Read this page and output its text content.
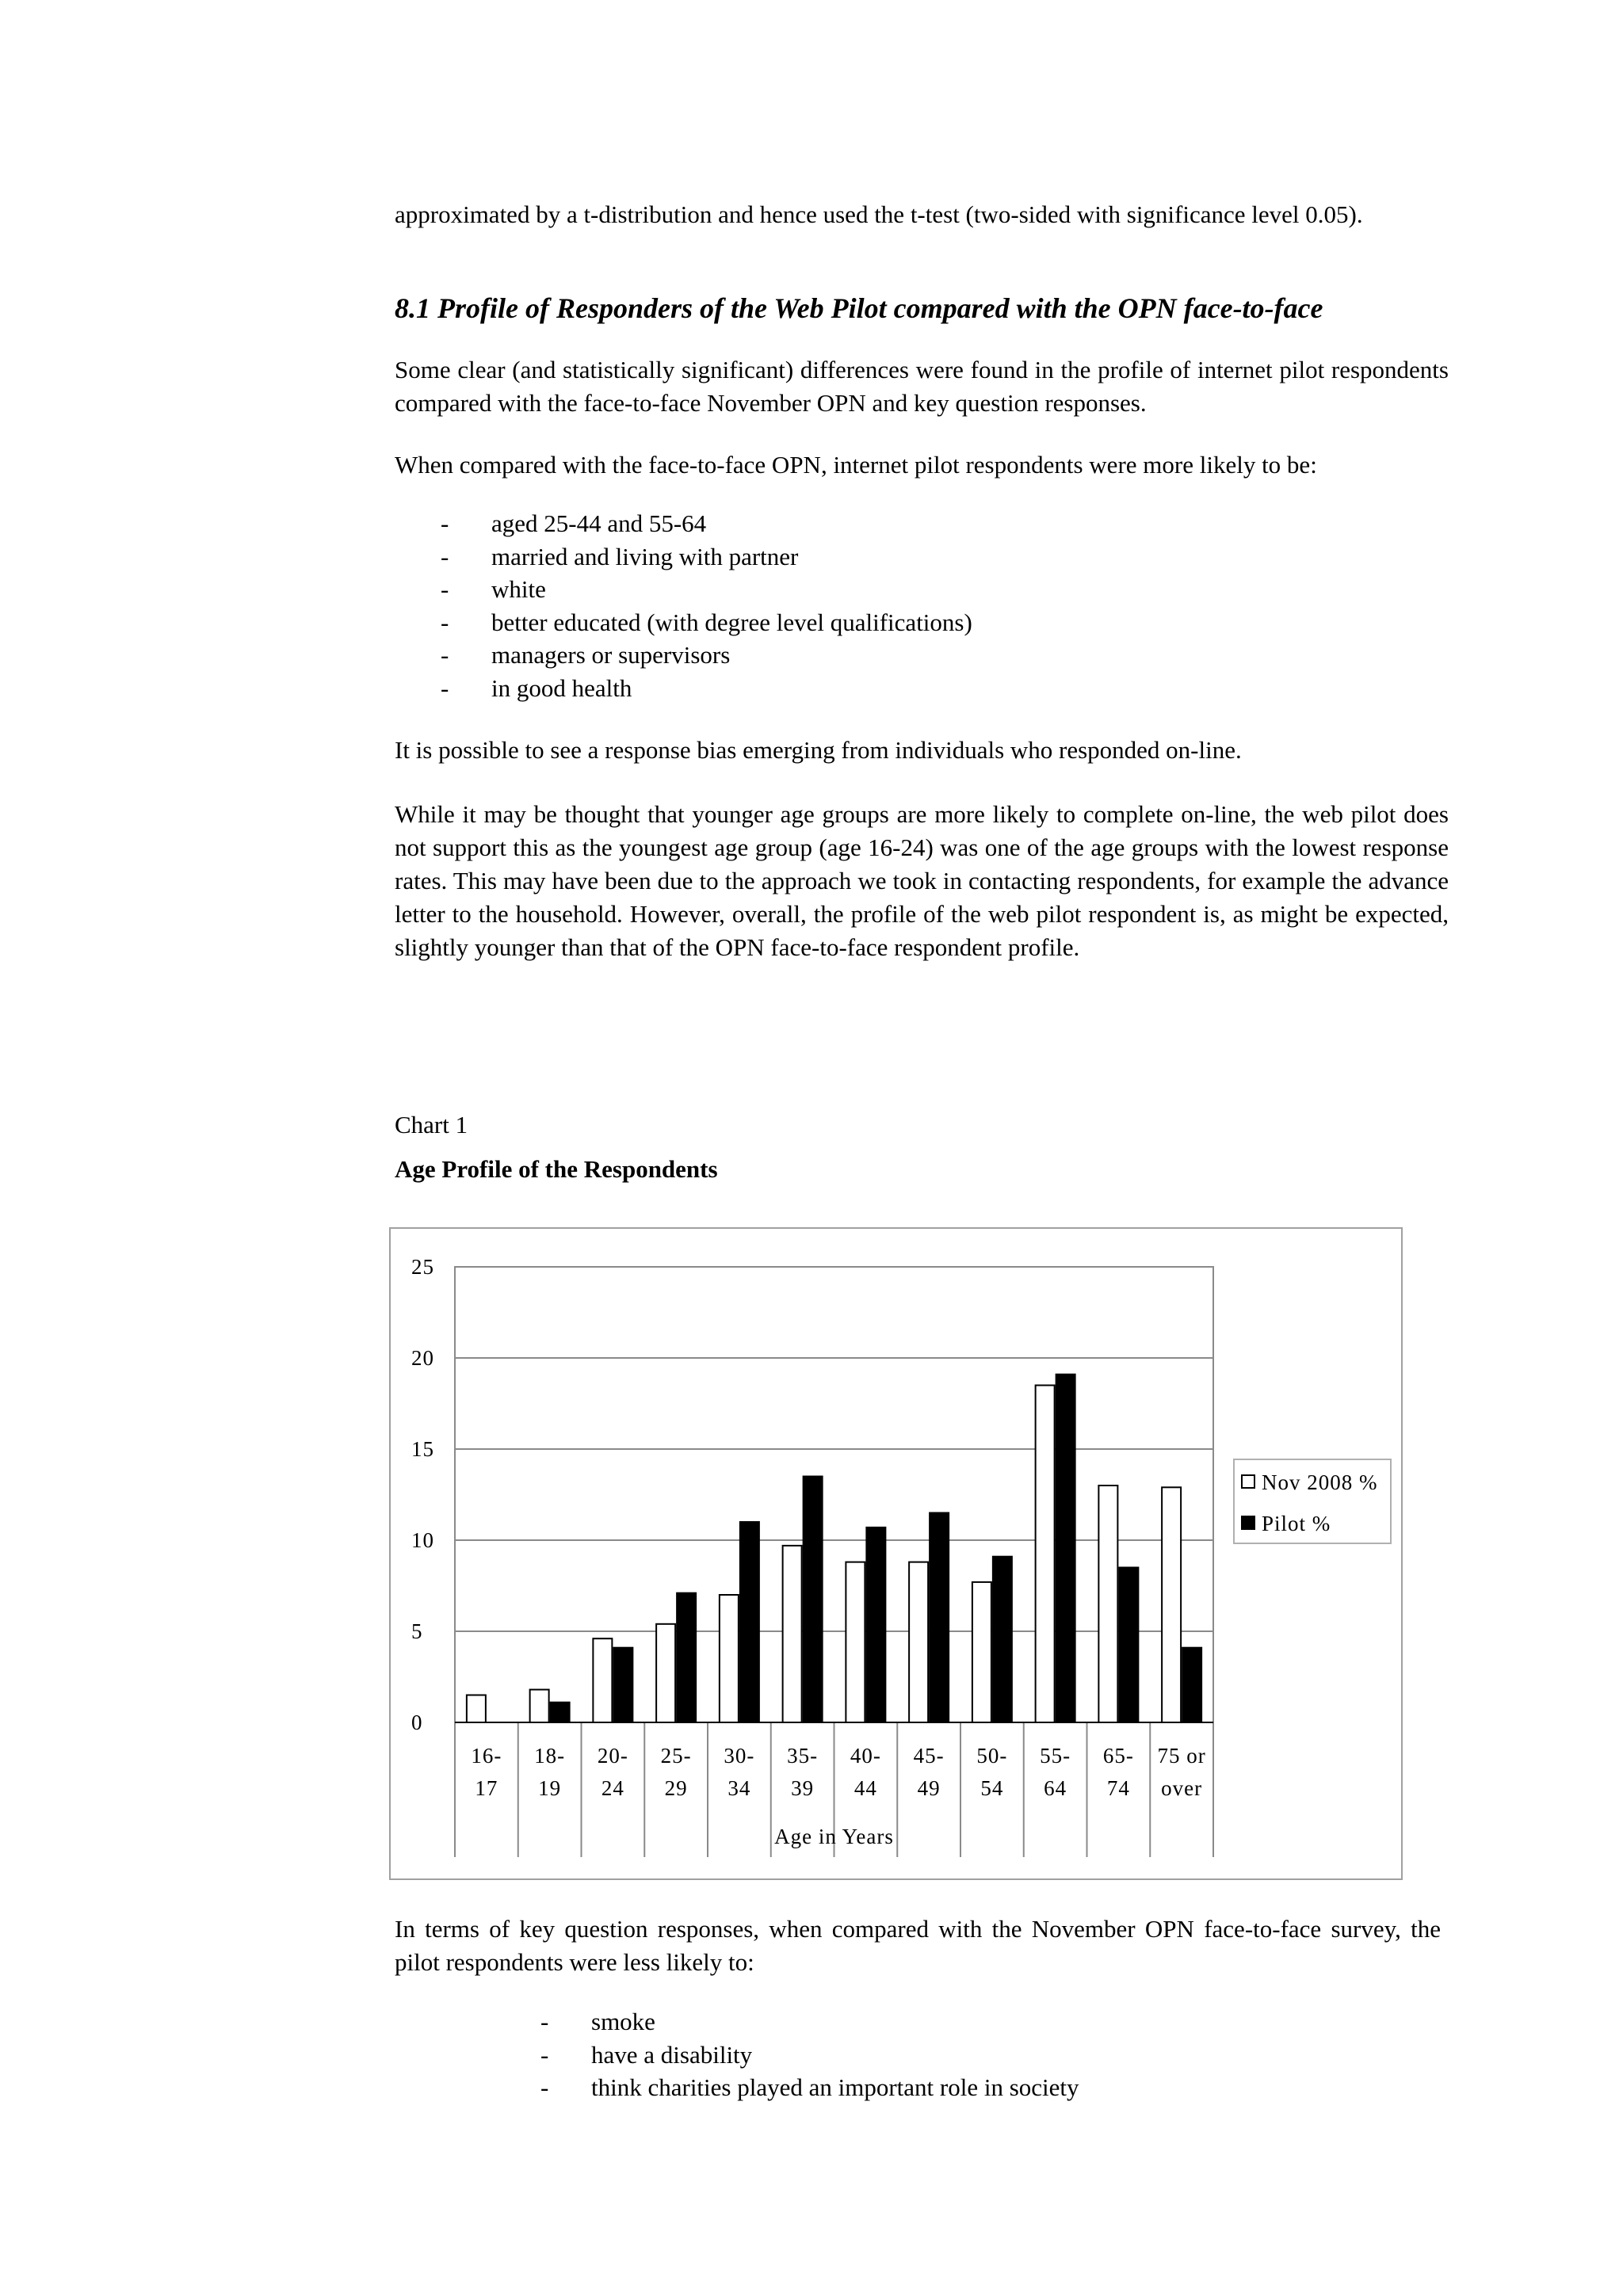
approximated by a t-distribution and hence used the t-test (two-sided with significance level 0.05).

8.1 Profile of Responders of the Web Pilot compared with the OPN face-to-face

Some clear (and statistically significant) differences were found in the profile of internet pilot respondents compared with the face-to-face November OPN and key question responses.

When compared with the face-to-face OPN, internet pilot respondents were more likely to be:

- aged 25-44 and 55-64
- married and living with partner
- white
- better educated (with degree level qualifications)
- managers or supervisors
- in good health

It is possible to see a response bias emerging from individuals who responded on-line.

While it may be thought that younger age groups are more likely to complete on-line, the web pilot does not support this as the youngest age group (age 16-24) was one of the age groups with the lowest response rates. This may have been due to the approach we took in contacting respondents, for example the advance letter to the household. However, overall, the profile of the web pilot respondent is, as might be expected, slightly younger than that of the OPN face-to-face respondent profile.

Chart 1

Age Profile of the Respondents

0
5
10
15
20
25
16-
17
18-
19
20-
24
25-
29
30-
34
35-
39
40-
44
45-
49
50-
54
55-
64
65-
74
75 or
over
Age in Years
Nov 2008 %
Pilot %

In terms of key question responses, when compared with the November OPN face-to-face survey, the pilot respondents were less likely to:

- smoke
- have a disability
- think charities played an important role in society
